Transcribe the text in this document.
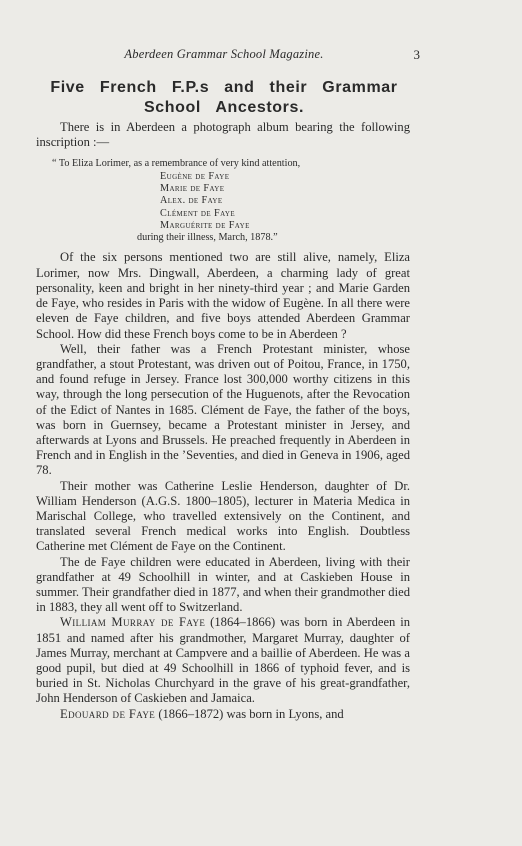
Aberdeen Grammar School Magazine.	3
Five French F.P.s and their Grammar School Ancestors.

There is in Aberdeen a photograph album bearing the following inscription :—

“ To Eliza Lorimer, as a remembrance of very kind attention,
Eugène de Faye
Marie de Faye
Alex. de Faye
Clément de Faye
Marguérite de Faye
during their illness, March, 1878.”

Of the six persons mentioned two are still alive, namely, Eliza Lorimer, now Mrs. Dingwall, Aberdeen, a charming lady of great personality, keen and bright in her ninety-third year ; and Marie Garden de Faye, who resides in Paris with the widow of Eugène. In all there were eleven de Faye children, and five boys attended Aberdeen Grammar School. How did these French boys come to be in Aberdeen ?

Well, their father was a French Protestant minister, whose grandfather, a stout Protestant, was driven out of Poitou, France, in 1750, and found refuge in Jersey. France lost 300,000 worthy citizens in this way, through the long persecution of the Huguenots, after the Revocation of the Edict of Nantes in 1685. Clément de Faye, the father of the boys, was born in Guernsey, became a Protestant minister in Jersey, and afterwards at Lyons and Brussels. He preached frequently in Aberdeen in French and in English in the ’Seventies, and died in Geneva in 1906, aged 78.

Their mother was Catherine Leslie Henderson, daughter of Dr. William Henderson (A.G.S. 1800–1805), lecturer in Materia Medica in Marischal College, who travelled extensively on the Continent, and translated several French medical works into English. Doubtless Catherine met Clément de Faye on the Continent.

The de Faye children were educated in Aberdeen, living with their grandfather at 49 Schoolhill in winter, and at Caskieben House in summer. Their grandfather died in 1877, and when their grandmother died in 1883, they all went off to Switzerland.

William Murray de Faye (1864–1866) was born in Aberdeen in 1851 and named after his grandmother, Margaret Murray, daughter of James Murray, merchant at Campvere and a baillie of Aberdeen. He was a good pupil, but died at 49 Schoolhill in 1866 of typhoid fever, and is buried in St. Nicholas Churchyard in the grave of his great-grandfather, John Henderson of Caskieben and Jamaica.

Edouard de Faye (1866–1872) was born in Lyons, and
